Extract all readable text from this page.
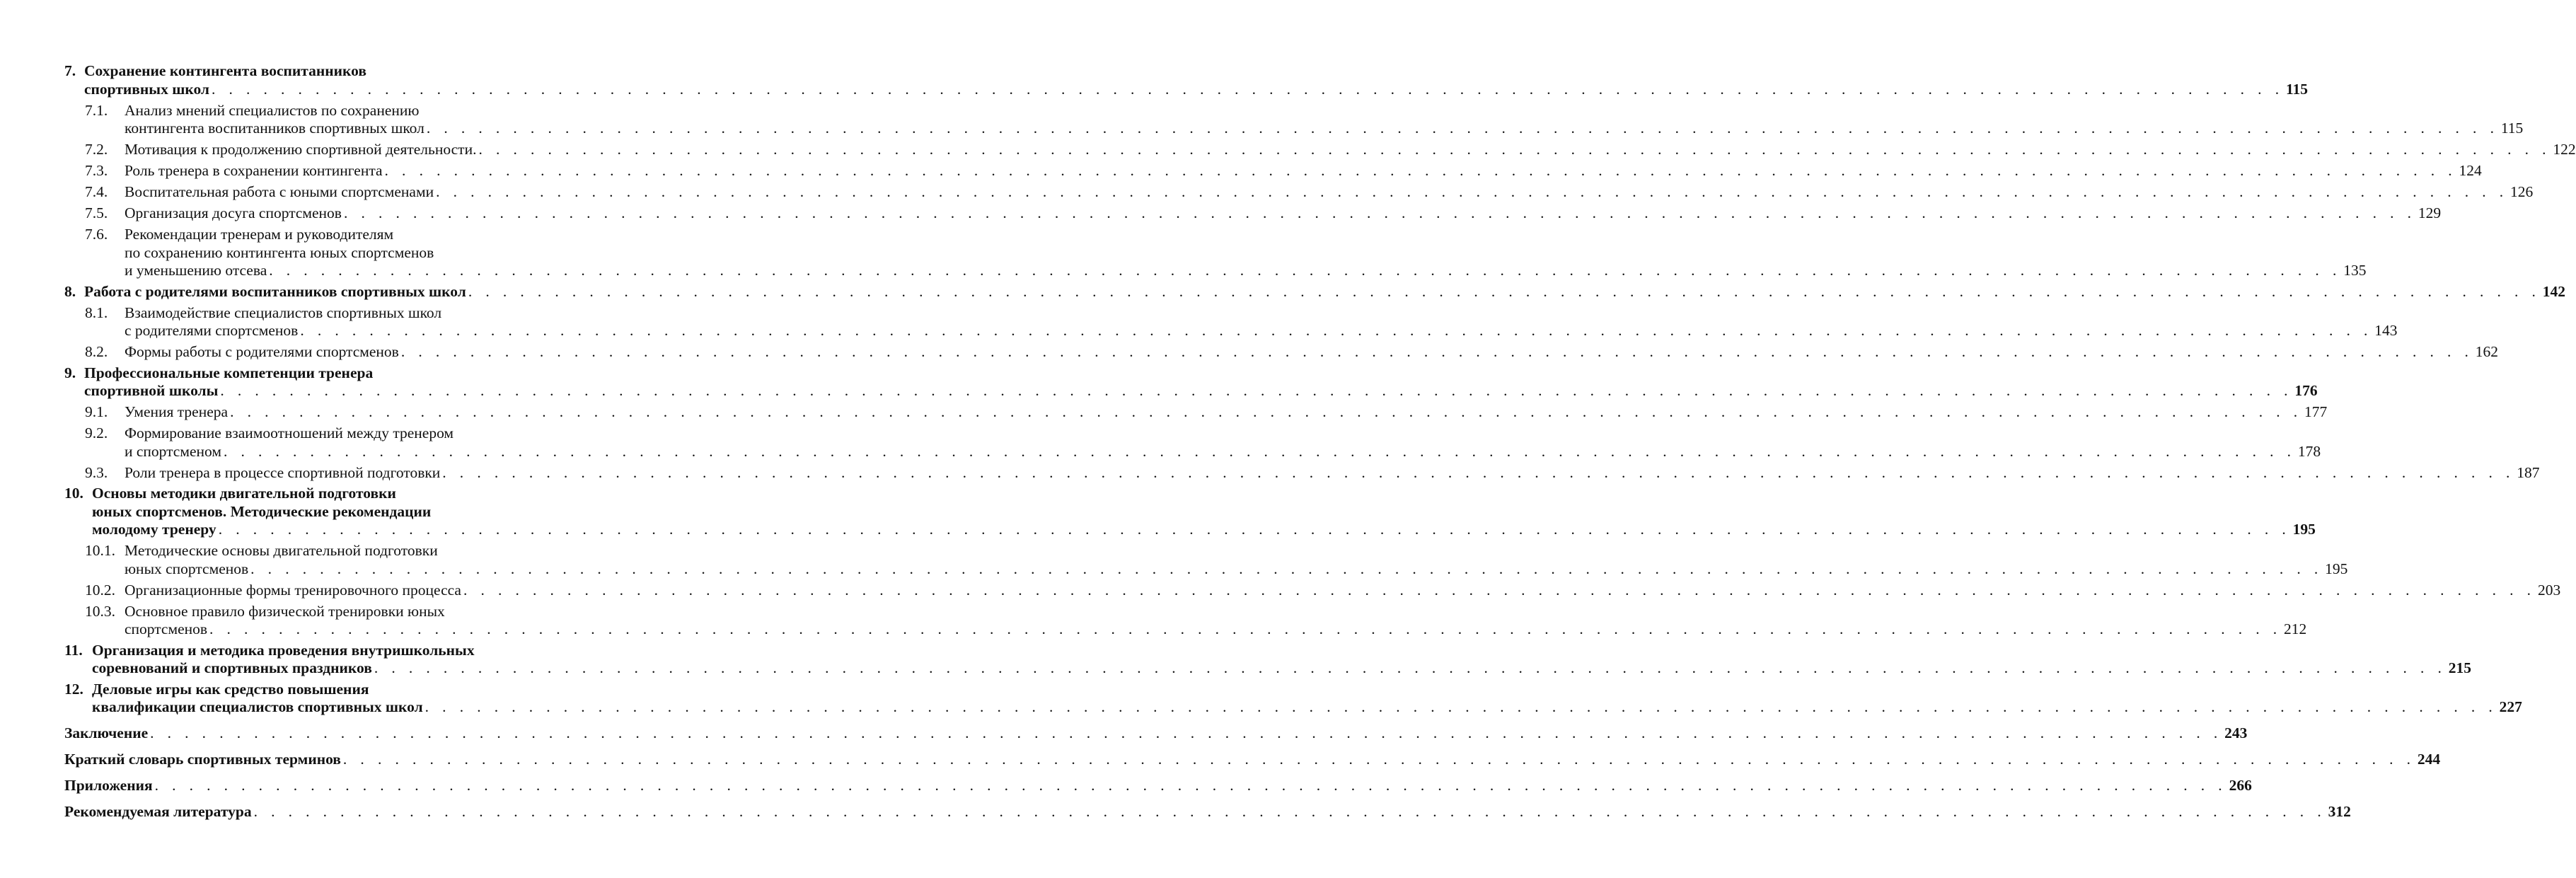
7. Сохранение контингента воспитанников
спортивных школ . . . . . . . . . . . . . . . . . . . . . . . . . . . . . . . . . . . . . . . . . . . . . . . . . . . . . . . . . . . . . . . . . . . . . . . . . . . . . . . . . . . . . . . . . . . . . . . . . . . . . . . . . . . . . . . . . . . . . . . . 115
7.1.	Анализ мнений специалистов по сохранению
контингента воспитанников спортивных школ . . . . . . . . . . . . . . . . . . . . . . . . . . . . . . . . . . . . . . . . . . . . . . . . . . . . . . . . . . . . . . . . . . . . . . . . . . . . . . . . . . . . . . . . . . . . . . . . . . . . . . . . . . . . . . . . . . . . . . . . 115
7.2.	Мотивация к продолжению спортивной деятельности. . . . . . . . . . . . . . . . . . . . . . . . . . . . . . . . . . . . . . . . . . . . . . . . . . . . . . . . . . . . . . . . . . . . . . . . . . . . . . . . . . . . . . . . . . . . . . . . . . . . . . . . . . . . . . . . . . . . . . . . . 122
7.3.	Роль тренера в сохранении контингента . . . . . . . . . . . . . . . . . . . . . . . . . . . . . . . . . . . . . . . . . . . . . . . . . . . . . . . . . . . . . . . . . . . . . . . . . . . . . . . . . . . . . . . . . . . . . . . . . . . . . . . . . . . . . . . . . . . . . . . . 124
7.4.	Воспитательная работа с юными спортсменами . . . . . . . . . . . . . . . . . . . . . . . . . . . . . . . . . . . . . . . . . . . . . . . . . . . . . . . . . . . . . . . . . . . . . . . . . . . . . . . . . . . . . . . . . . . . . . . . . . . . . . . . . . . . . . . . . . . . . . . . 126
7.5.	Организация досуга спортсменов . . . . . . . . . . . . . . . . . . . . . . . . . . . . . . . . . . . . . . . . . . . . . . . . . . . . . . . . . . . . . . . . . . . . . . . . . . . . . . . . . . . . . . . . . . . . . . . . . . . . . . . . . . . . . . . . . . . . . . . . 129
7.6.	Рекомендации тренерам и руководителям
по сохранению контингента юных спортсменов
и уменьшению отсева . . . . . . . . . . . . . . . . . . . . . . . . . . . . . . . . . . . . . . . . . . . . . . . . . . . . . . . . . . . . . . . . . . . . . . . . . . . . . . . . . . . . . . . . . . . . . . . . . . . . . . . . . . . . . . . . . . . . . . . . 135
8. Работа с родителями воспитанников спортивных школ . . . . . . . . . . . . . . . . . . . . . . . . . . . . . . . . . . . . . . . . . . . . . . . . . . . . . . . . . . . . . . . . . . . . . . . . . . . . . . . . . . . . . . . . . . . . . . . . . . . . . . . . . . . . . . . . . . . . . . . . 142
8.1.	Взаимодействие специалистов спортивных школ
с родителями спортсменов . . . . . . . . . . . . . . . . . . . . . . . . . . . . . . . . . . . . . . . . . . . . . . . . . . . . . . . . . . . . . . . . . . . . . . . . . . . . . . . . . . . . . . . . . . . . . . . . . . . . . . . . . . . . . . . . . . . . . . . . 143
8.2.	Формы работы с родителями спортсменов . . . . . . . . . . . . . . . . . . . . . . . . . . . . . . . . . . . . . . . . . . . . . . . . . . . . . . . . . . . . . . . . . . . . . . . . . . . . . . . . . . . . . . . . . . . . . . . . . . . . . . . . . . . . . . . . . . . . . . . . 162
9. Профессиональные компетенции тренера
спортивной школы . . . . . . . . . . . . . . . . . . . . . . . . . . . . . . . . . . . . . . . . . . . . . . . . . . . . . . . . . . . . . . . . . . . . . . . . . . . . . . . . . . . . . . . . . . . . . . . . . . . . . . . . . . . . . . . . . . . . . . . . 176
9.1.	Умения тренера . . . . . . . . . . . . . . . . . . . . . . . . . . . . . . . . . . . . . . . . . . . . . . . . . . . . . . . . . . . . . . . . . . . . . . . . . . . . . . . . . . . . . . . . . . . . . . . . . . . . . . . . . . . . . . . . . . . . . . . . 177
9.2.	Формирование взаимоотношений между тренером
и спортсменом . . . . . . . . . . . . . . . . . . . . . . . . . . . . . . . . . . . . . . . . . . . . . . . . . . . . . . . . . . . . . . . . . . . . . . . . . . . . . . . . . . . . . . . . . . . . . . . . . . . . . . . . . . . . . . . . . . . . . . . . 178
9.3.	Роли тренера в процессе спортивной подготовки . . . . . . . . . . . . . . . . . . . . . . . . . . . . . . . . . . . . . . . . . . . . . . . . . . . . . . . . . . . . . . . . . . . . . . . . . . . . . . . . . . . . . . . . . . . . . . . . . . . . . . . . . . . . . . . . . . . . . . . . 187
10. Основы методики двигательной подготовки
юных спортсменов. Методические рекомендации
молодому тренеру . . . . . . . . . . . . . . . . . . . . . . . . . . . . . . . . . . . . . . . . . . . . . . . . . . . . . . . . . . . . . . . . . . . . . . . . . . . . . . . . . . . . . . . . . . . . . . . . . . . . . . . . . . . . . . . . . . . . . . . . 195
10.1. Методические основы двигательной подготовки
юных спортсменов . . . . . . . . . . . . . . . . . . . . . . . . . . . . . . . . . . . . . . . . . . . . . . . . . . . . . . . . . . . . . . . . . . . . . . . . . . . . . . . . . . . . . . . . . . . . . . . . . . . . . . . . . . . . . . . . . . . . . . . . 195
10.2. Организационные формы тренировочного процесса . . . . . . . . . . . . . . . . . . . . . . . . . . . . . . . . . . . . . . . . . . . . . . . . . . . . . . . . . . . . . . . . . . . . . . . . . . . . . . . . . . . . . . . . . . . . . . . . . . . . . . . . . . . . . . . . . . . . . . . . 203
10.3. Основное правило физической тренировки юных
спортсменов . . . . . . . . . . . . . . . . . . . . . . . . . . . . . . . . . . . . . . . . . . . . . . . . . . . . . . . . . . . . . . . . . . . . . . . . . . . . . . . . . . . . . . . . . . . . . . . . . . . . . . . . . . . . . . . . . . . . . . . . 212
11. Организация и методика проведения внутришкольных
соревнований и спортивных праздников . . . . . . . . . . . . . . . . . . . . . . . . . . . . . . . . . . . . . . . . . . . . . . . . . . . . . . . . . . . . . . . . . . . . . . . . . . . . . . . . . . . . . . . . . . . . . . . . . . . . . . . . . . . . . . . . . . . . . . . . 215
12. Деловые игры как средство повышения
квалификации специалистов спортивных школ . . . . . . . . . . . . . . . . . . . . . . . . . . . . . . . . . . . . . . . . . . . . . . . . . . . . . . . . . . . . . . . . . . . . . . . . . . . . . . . . . . . . . . . . . . . . . . . . . . . . . . . . . . . . . . . . . . . . . . . . 227
Заключение . . . . . . . . . . . . . . . . . . . . . . . . . . . . . . . . . . . . . . . . . . . . . . . . . . . . . . . . . . . . . . . . . . . . . . . . . . . . . . . . . . . . . . . . . . . . . . . . . . . . . . . . . . . . . . . . . . . . . . . . 243
Краткий словарь спортивных терминов . . . . . . . . . . . . . . . . . . . . . . . . . . . . . . . . . . . . . . . . . . . . . . . . . . . . . . . . . . . . . . . . . . . . . . . . . . . . . . . . . . . . . . . . . . . . . . . . . . . . . . . . . . . . . . . . . . . . . . . . 244
Приложения . . . . . . . . . . . . . . . . . . . . . . . . . . . . . . . . . . . . . . . . . . . . . . . . . . . . . . . . . . . . . . . . . . . . . . . . . . . . . . . . . . . . . . . . . . . . . . . . . . . . . . . . . . . . . . . . . . . . . . . . 266
Рекомендуемая литература . . . . . . . . . . . . . . . . . . . . . . . . . . . . . . . . . . . . . . . . . . . . . . . . . . . . . . . . . . . . . . . . . . . . . . . . . . . . . . . . . . . . . . . . . . . . . . . . . . . . . . . . . . . . . . . . . . . . . . . . 312
